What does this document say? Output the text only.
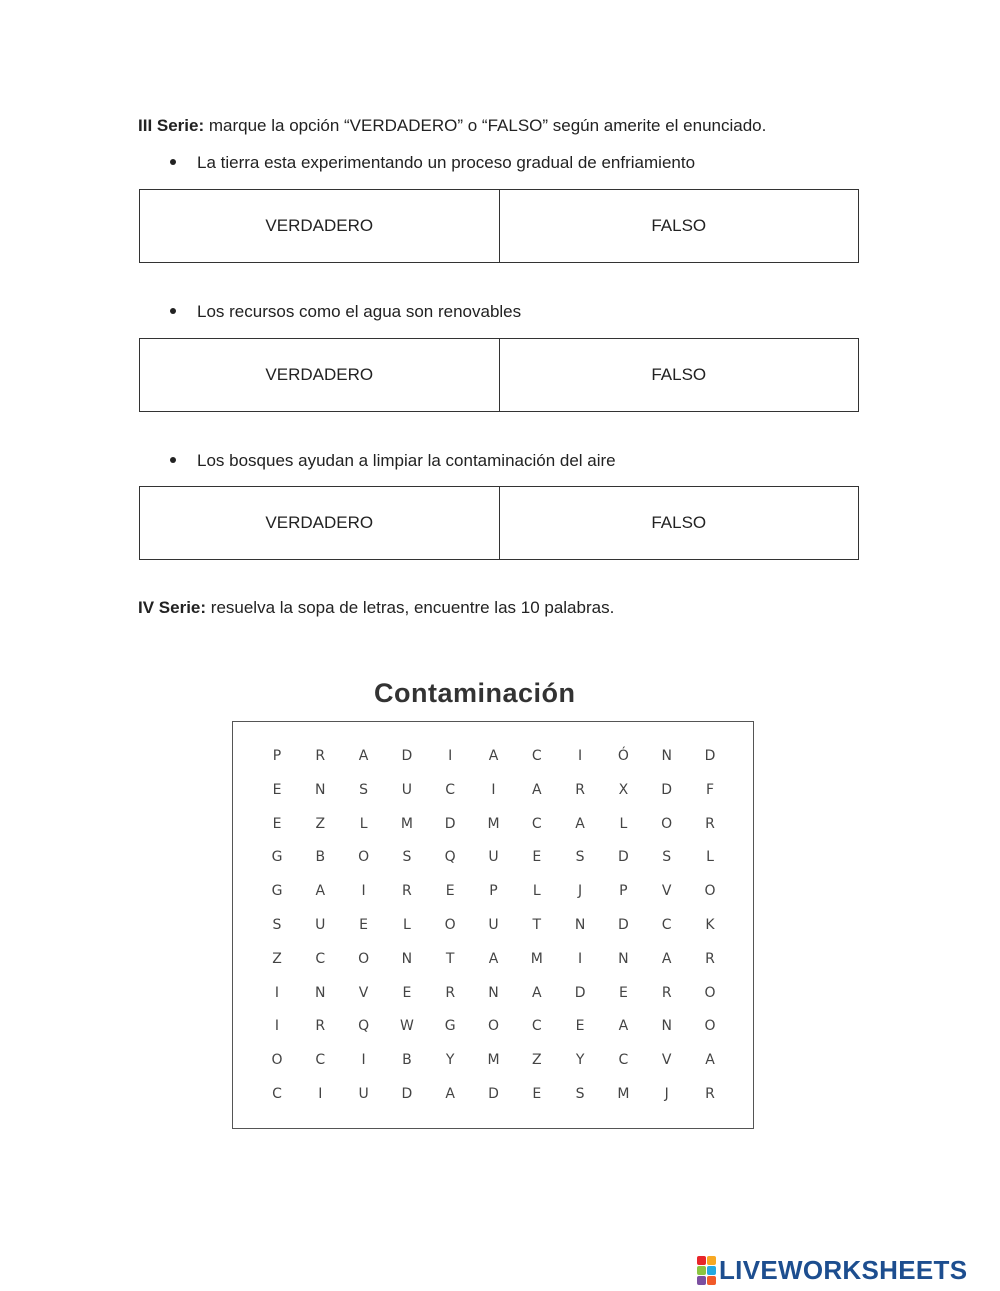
III Serie: marque la opción “VERDADERO” o “FALSO” según amerite el enunciado.
La tierra esta experimentando un proceso gradual de enfriamiento
VERDADERO	FALSO
Los recursos como el agua son renovables
VERDADERO	FALSO
Los bosques ayudan a limpiar la contaminación del aire
VERDADERO	FALSO
IV Serie: resuelva la sopa de letras, encuentre las 10 palabras.
Contaminación
P	R	A	D	I	A	C	I	Ó	N	D
E	N	S	U	C	I	A	R	X	D	F
E	Z	L	M	D	M	C	A	L	O	R
G	B	O	S	Q	U	E	S	D	S	L
G	A	I	R	E	P	L	J	P	V	O
S	U	E	L	O	U	T	N	D	C	K
Z	C	O	N	T	A	M	I	N	A	R
I	N	V	E	R	N	A	D	E	R	O
I	R	Q	W	G	O	C	E	A	N	O
O	C	I	B	Y	M	Z	Y	C	V	A
C	I	U	D	A	D	E	S	M	J	R
LIVEWORKSHEETS
